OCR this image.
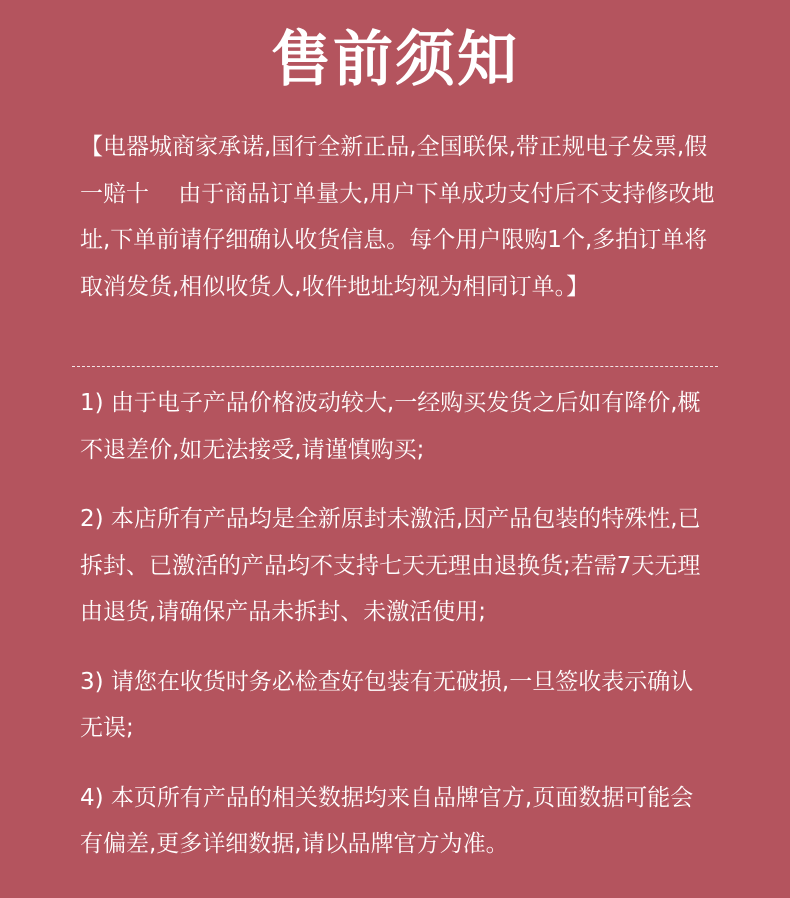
售前须知
【电器城商家承诺,国行全新正品,全国联保,带正规电子发票,假一赔十    由于商品订单量大,用户下单成功支付后不支持修改地址,下单前请仔细确认收货信息。每个用户限购1个,多拍订单将取消发货,相似收货人,收件地址均视为相同订单。】

1) 由于电子产品价格波动较大,一经购买发货之后如有降价,概不退差价,如无法接受,请谨慎购买;

2) 本店所有产品均是全新原封未激活,因产品包装的特殊性,已拆封、已激活的产品均不支持七天无理由退换货;若需7天无理由退货,请确保产品未拆封、未激活使用;

3) 请您在收货时务必检查好包装有无破损,一旦签收表示确认无误;

4) 本页所有产品的相关数据均来自品牌官方,页面数据可能会有偏差,更多详细数据,请以品牌官方为准。
